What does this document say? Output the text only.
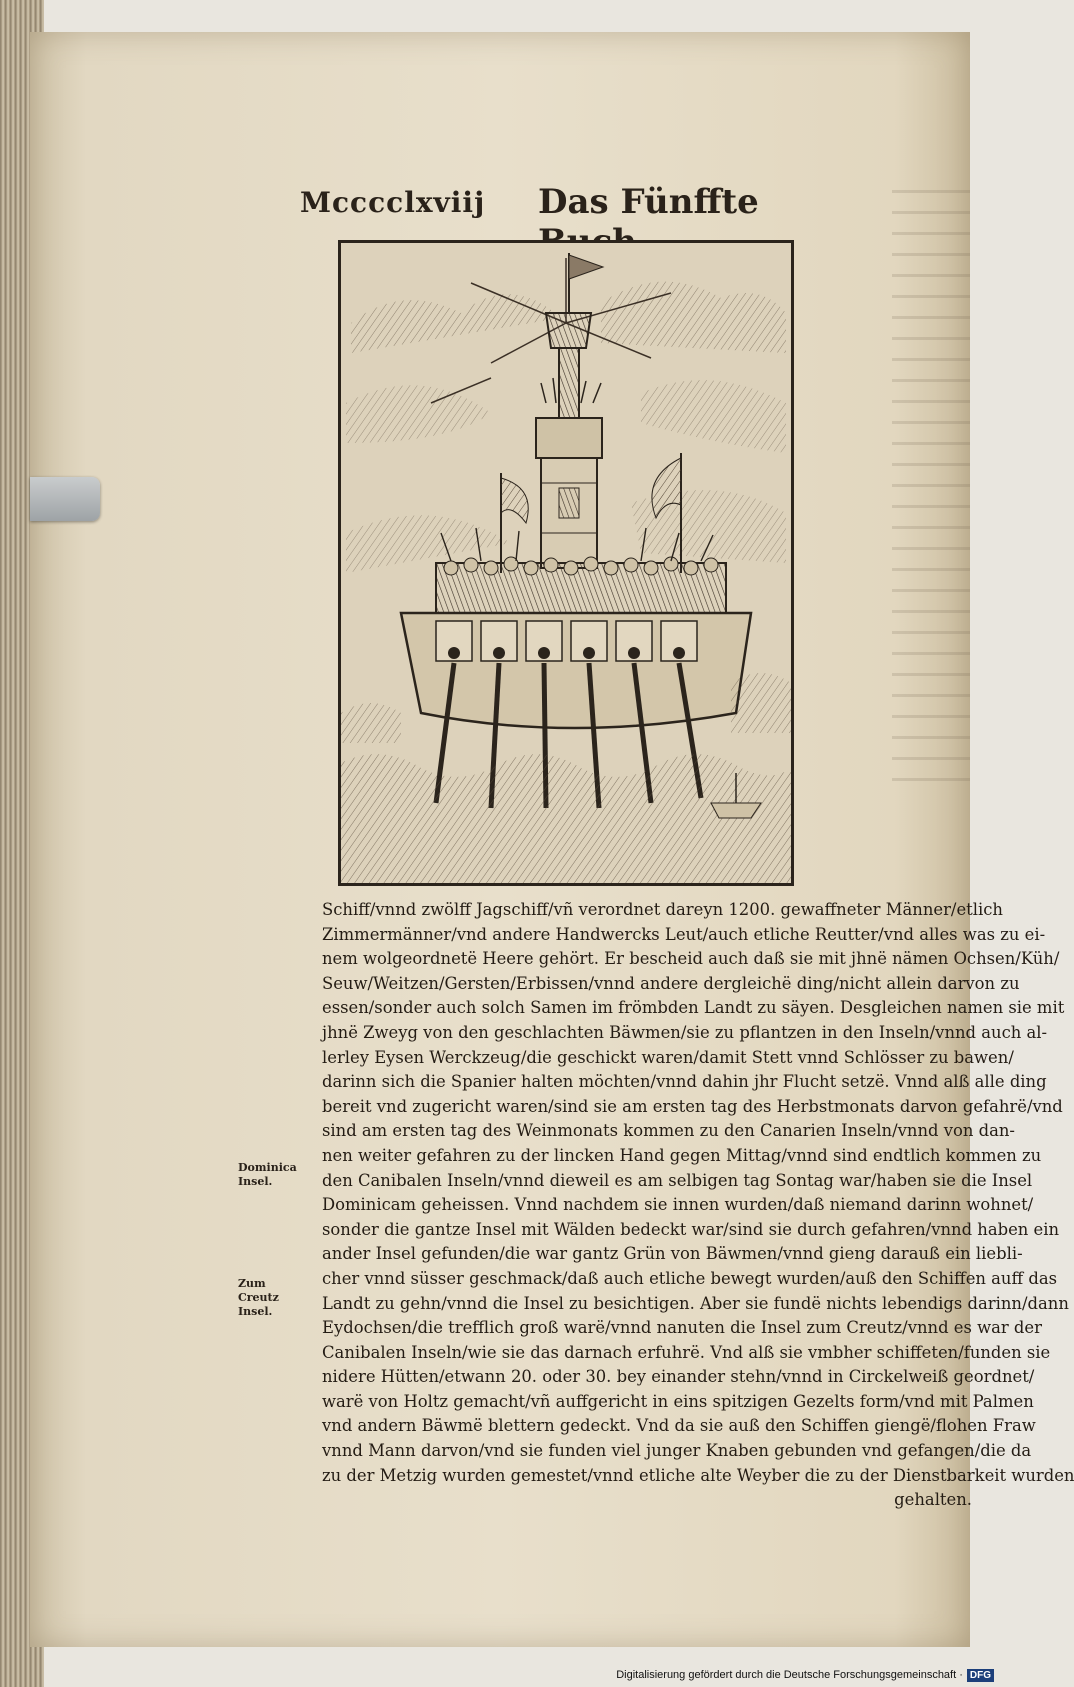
Mcccclxviij Das Fünffte
Dominica
Insel.
Zum Creutz
Insel.
Schiff/vnnd zwölff Jagschiff/vñ verordnet dareyn 1200. gewaffneter Männer/etlich
Zimmermänner/vnd andere Handwercks Leut/auch etliche Reutter/vnd alles was zu ei-
nem wolgeordnetë Heere gehört. Er bescheid auch daß sie mit jhnë nämen Ochsen/Küh/
Seuw/Weitzen/Gersten/Erbissen/vnnd andere dergleichë ding/nicht allein darvon zu
essen/sonder auch solch Samen im frömbden Landt zu säyen. Desgleichen namen sie mit
jhnë Zweyg von den geschlachten Bäwmen/sie zu pflantzen in den Inseln/vnnd auch al-
lerley Eysen Werckzeug/die geschickt waren/damit Stett vnnd Schlösser zu bawen/
darinn sich die Spanier halten möchten/vnnd dahin jhr Flucht setzë. Vnnd alß alle ding
bereit vnd zugericht waren/sind sie am ersten tag des Herbstmonats darvon gefahrë/vnd
sind am ersten tag des Weinmonats kommen zu den Canarien Inseln/vnnd von dan-
nen weiter gefahren zu der lincken Hand gegen Mittag/vnnd sind endtlich kommen zu
den Canibalen Inseln/vnnd dieweil es am selbigen tag Sontag war/haben sie die Insel
Dominicam geheissen. Vnnd nachdem sie innen wurden/daß niemand darinn wohnet/
sonder die gantze Insel mit Wälden bedeckt war/sind sie durch gefahren/vnnd haben ein
ander Insel gefunden/die war gantz Grün von Bäwmen/vnnd gieng darauß ein liebli-
cher vnnd süsser geschmack/daß auch etliche bewegt wurden/auß den Schiffen auff das
Landt zu gehn/vnnd die Insel zu besichtigen. Aber sie fundë nichts lebendigs darinn/dann
Eydochsen/die trefflich groß warë/vnnd nanuten die Insel zum Creutz/vnnd es war der
Canibalen Inseln/wie sie das darnach erfuhrë. Vnd alß sie vmbher schiffeten/funden sie
nidere Hütten/etwann 20. oder 30. bey einander stehn/vnnd in Circkelweiß geordnet/
warë von Holtz gemacht/vñ auffgericht in eins spitzigen Gezelts form/vnd mit Palmen
vnd andern Bäwmë blettern gedeckt. Vnd da sie auß den Schiffen giengë/flohen Fraw
vnnd Mann darvon/vnd sie funden viel junger Knaben gebunden vnd gefangen/die da
zu der Metzig wurden gemestet/vnnd etliche alte Weyber die zu der Dienstbarkeit wurden
gehalten.
Digitalisierung gefördert durch die Deutsche Forschungsgemeinschaft · DFG
